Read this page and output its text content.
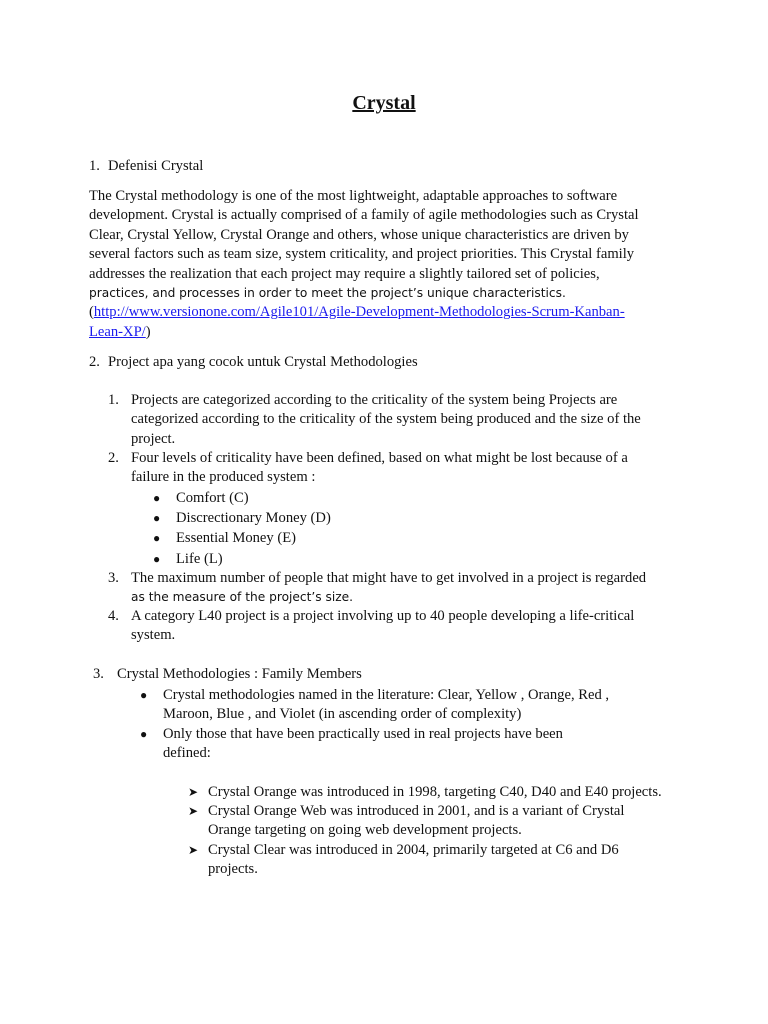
Crystal
1. Defenisi Crystal
The Crystal methodology is one of the most lightweight, adaptable approaches to software
development. Crystal is actually comprised of a family of agile methodologies such as Crystal
Clear, Crystal Yellow, Crystal Orange and others, whose unique characteristics are driven by
several factors such as team size, system criticality, and project priorities. This Crystal family
addresses the realization that each project may require a slightly tailored set of policies,
practices, and processes in order to meet the project’s unique characteristics.
(http://www.versionone.com/Agile101/Agile-Development-Methodologies-Scrum-Kanban-
Lean-XP/)
2. Project apa yang cocok untuk Crystal Methodologies
1. Projects are categorized according to the criticality of the system being Projects are
categorized according to the criticality of the system being produced and the size of the
project.
2. Four levels of criticality have been defined, based on what might be lost because of a
failure in the produced system :
● Comfort (C)
● Discrectionary Money (D)
● Essential Money (E)
● Life (L)
3. The maximum number of people that might have to get involved in a project is regarded
as the measure of the project’s size.
4. A category L40 project is a project involving up to 40 people developing a life-critical
system.
3. Crystal Methodologies : Family Members
● Crystal methodologies named in the literature: Clear, Yellow , Orange, Red ,
Maroon, Blue , and Violet (in ascending order of complexity)
● Only those that have been practically used in real projects have been
defined:
➤ Crystal Orange was introduced in 1998, targeting C40, D40 and E40 projects.
➤ Crystal Orange Web was introduced in 2001, and is a variant of Crystal
Orange targeting on going web development projects.
➤ Crystal Clear was introduced in 2004, primarily targeted at C6 and D6
projects.
